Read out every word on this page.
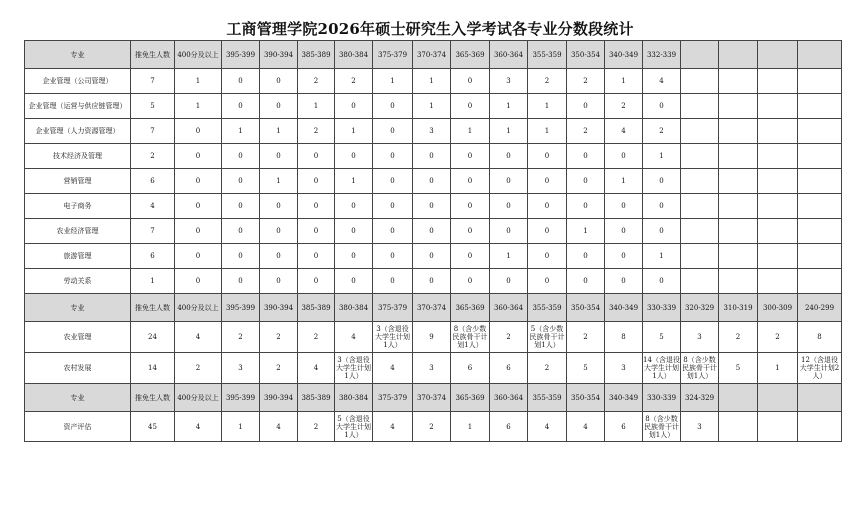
工商管理学院2026年硕士研究生入学考试各专业分数段统计
专业	推免生人数	400分及以上	395-399	390-394	385-389	380-384	375-379	370-374	365-369	360-364	355-359	350-354	340-349	332-339				
企业管理（公司管理）	7	1	0	0	2	2	1	1	0	3	2	2	1	4				
企业管理（运营与供应链管理）	5	1	0	0	1	0	0	1	0	1	1	0	2	0				
企业管理（人力资源管理）	7	0	1	1	2	1	0	3	1	1	1	2	4	2				
技术经济及管理	2	0	0	0	0	0	0	0	0	0	0	0	0	1				
营销管理	6	0	0	1	0	1	0	0	0	0	0	0	1	0				
电子商务	4	0	0	0	0	0	0	0	0	0	0	0	0	0				
农业经济管理	7	0	0	0	0	0	0	0	0	0	0	1	0	0				
旅游管理	6	0	0	0	0	0	0	0	0	1	0	0	0	1				
劳动关系	1	0	0	0	0	0	0	0	0	0	0	0	0	0				
专业	推免生人数	400分及以上	395-399	390-394	385-389	380-384	375-379	370-374	365-369	360-364	355-359	350-354	340-349	330-339	320-329	310-319	300-309	240-299
农业管理	24	4	2	2	2	4	3（含退役大学生计划1人）	9	8（含少数民族骨干计划1人）	2	5（含少数民族骨干计划1人）	2	8	5	3	2	2	8
农村发展	14	2	3	2	4	3（含退役大学生计划1人）	4	3	6	6	2	5	3	14（含退役大学生计划1人）	8（含少数民族骨干计划1人）	5	1	12（含退役大学生计划2人）
专业	推免生人数	400分及以上	395-399	390-394	385-389	380-384	375-379	370-374	365-369	360-364	355-359	350-354	340-349	330-339	324-329			
资产评估	45	4	1	4	2	5（含退役大学生计划1人）	4	2	1	6	4	4	6	8（含少数民族骨干计划1人）	3			
